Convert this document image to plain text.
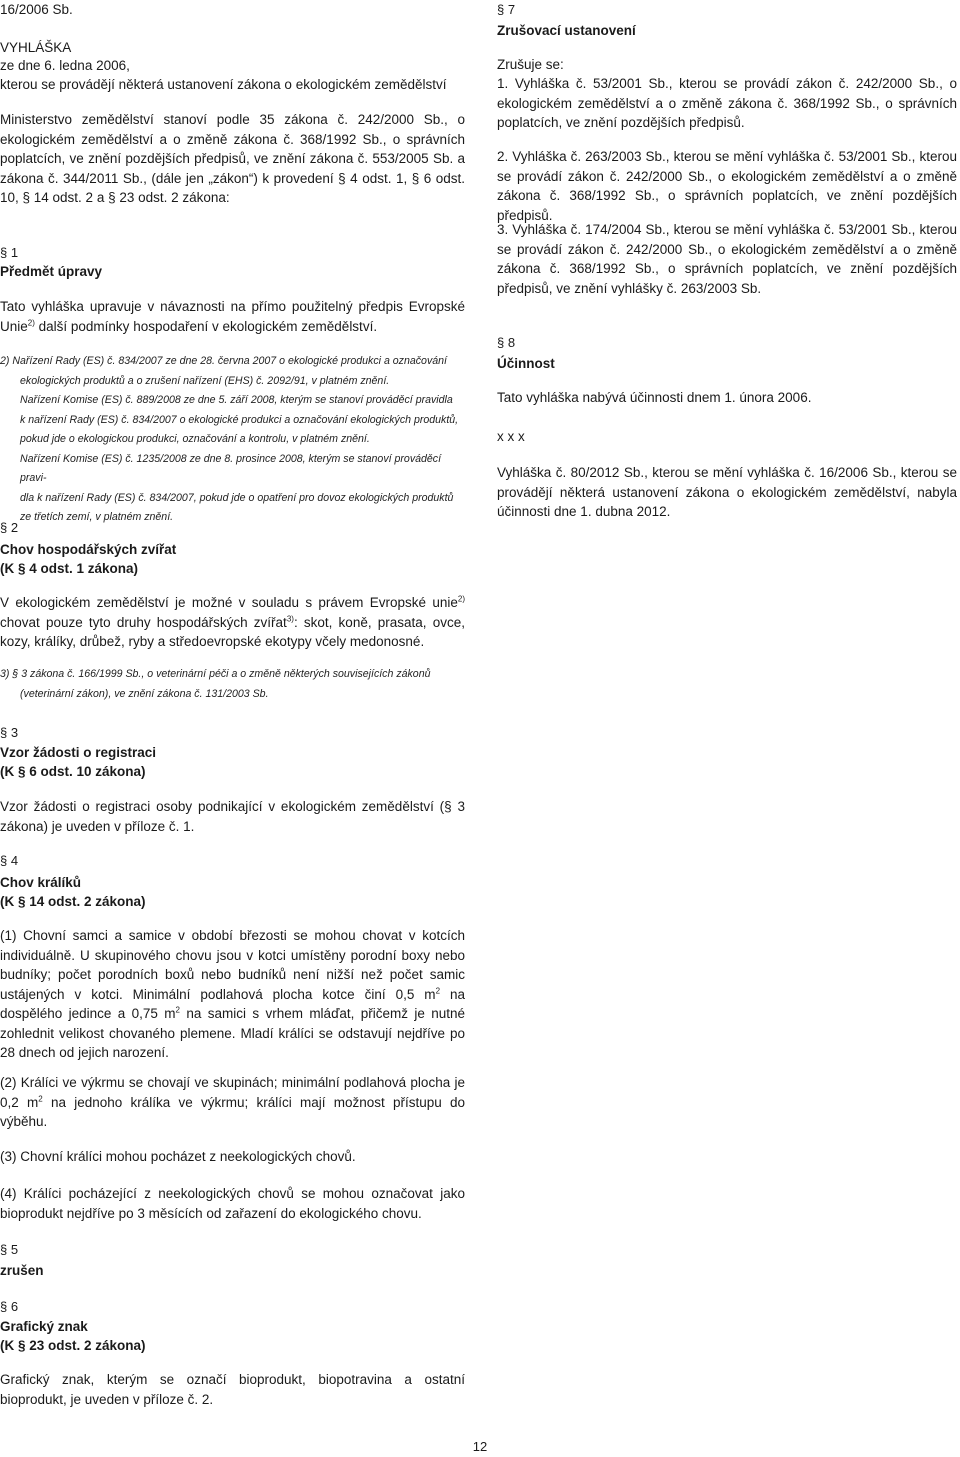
16/2006 Sb.
VYHLÁŠKA
ze dne 6. ledna 2006,
kterou se provádějí některá ustanovení zákona o ekologickém zemědělství
Ministerstvo zemědělství stanoví podle 35 zákona č. 242/2000 Sb., o ekologickém zemědělství a o změně zákona č. 368/1992 Sb., o správních poplatcích, ve znění pozdějších předpisů, ve znění zákona č. 553/2005 Sb. a zákona č. 344/2011 Sb., (dále jen „zákon“) k provedení § 4 odst. 1, § 6 odst. 10, § 14 odst. 2 a § 23 odst. 2 zákona:
§ 1
Předmět úpravy
Tato vyhláška upravuje v návaznosti na přímo použitelný předpis Evropské Unie$^{2)}$ další podmínky hospodaření v ekologickém zemědělství.
2) Nařízení Rady (ES) č. 834/2007 ze dne 28. června 2007 o ekologické produkci a označování
ekologických produktů a o zrušení nařízení (EHS) č. 2092/91, v platném znění.
Nařízení Komise (ES) č. 889/2008 ze dne 5. září 2008, kterým se stanoví prováděcí pravidla
k nařízení Rady (ES) č. 834/2007 o ekologické produkci a označování ekologických produktů,
pokud jde o ekologickou produkci, označování a kontrolu, v platném znění.
Nařízení Komise (ES) č. 1235/2008 ze dne 8. prosince 2008, kterým se stanoví prováděcí pravi-
dla k nařízení Rady (ES) č. 834/2007, pokud jde o opatření pro dovoz ekologických produktů
ze třetích zemí, v platném znění.
§ 2
Chov hospodářských zvířat
(K § 4 odst. 1 zákona)
V ekologickém zemědělství je možné v souladu s právem Evropské unie$^{2)}$ chovat pouze tyto druhy hospodářských zvířat$^{3)}$: skot, koně, prasata, ovce, kozy, králíky, drůbež, ryby a středoevropské ekotypy včely medonosné.
3) § 3 zákona č. 166/1999 Sb., o veterinární péči a o změně některých souvisejících zákonů
(veterinární zákon), ve znění zákona č. 131/2003 Sb.
§ 3
Vzor žádosti o registraci
(K § 6 odst. 10 zákona)
Vzor žádosti o registraci osoby podnikající v ekologickém zemědělství (§ 3 zákona) je uveden v příloze č. 1.
§ 4
Chov králíků
(K § 14 odst. 2 zákona)
(1) Chovní samci a samice v období březosti se mohou chovat v kotcích individuálně. U skupinového chovu jsou v kotci umístěny porodní boxy nebo budníky; počet porodních boxů nebo budníků není nižší než počet samic ustájených v kotci. Minimální podlahová plocha kotce činí 0,5 $m^2$ na dospělého jedince a 0,75 $m^2$ na samici s vrhem mláďat, přičemž je nutné zohlednit velikost chovaného plemene. Mladí králíci se odstavují nejdříve po 28 dnech od jejich narození.
(2) Králíci ve výkrmu se chovají ve skupinách; minimální podlahová plocha je 0,2 $m^2$ na jednoho králíka ve výkrmu; králíci mají možnost přístupu do výběhu.
(3) Chovní králíci mohou pocházet z neekologických chovů.
(4) Králíci pocházející z neekologických chovů se mohou označovat jako bioprodukt nejdříve po 3 měsících od zařazení do ekologického chovu.
§ 5
zrušen
§ 6
Grafický znak
(K § 23 odst. 2 zákona)
Grafický znak, kterým se označí bioprodukt, biopotravina a ostatní bioprodukt, je uveden v příloze č. 2.
§ 7
Zrušovací ustanovení
Zrušuje se:
1. Vyhláška č. 53/2001 Sb., kterou se provádí zákon č. 242/2000 Sb., o ekologickém zemědělství a o změně zákona č. 368/1992 Sb., o správních poplatcích, ve znění pozdějších předpisů.
2. Vyhláška č. 263/2003 Sb., kterou se mění vyhláška č. 53/2001 Sb., kterou se provádí zákon č. 242/2000 Sb., o ekologickém zemědělství a o změně zákona č. 368/1992 Sb., o správních poplatcích, ve znění pozdějších předpisů.
3. Vyhláška č. 174/2004 Sb., kterou se mění vyhláška č. 53/2001 Sb., kterou se provádí zákon č. 242/2000 Sb., o ekologickém zemědělství a o změně zákona č. 368/1992 Sb., o správních poplatcích, ve znění pozdějších předpisů, ve znění vyhlášky č. 263/2003 Sb.
§ 8
Účinnost
Tato vyhláška nabývá účinnosti dnem 1. února 2006.
x x x
Vyhláška č. 80/2012 Sb., kterou se mění vyhláška č. 16/2006 Sb., kterou se provádějí některá ustanovení zákona o ekologickém zemědělství, nabyla účinnosti dne 1. dubna 2012.
12
